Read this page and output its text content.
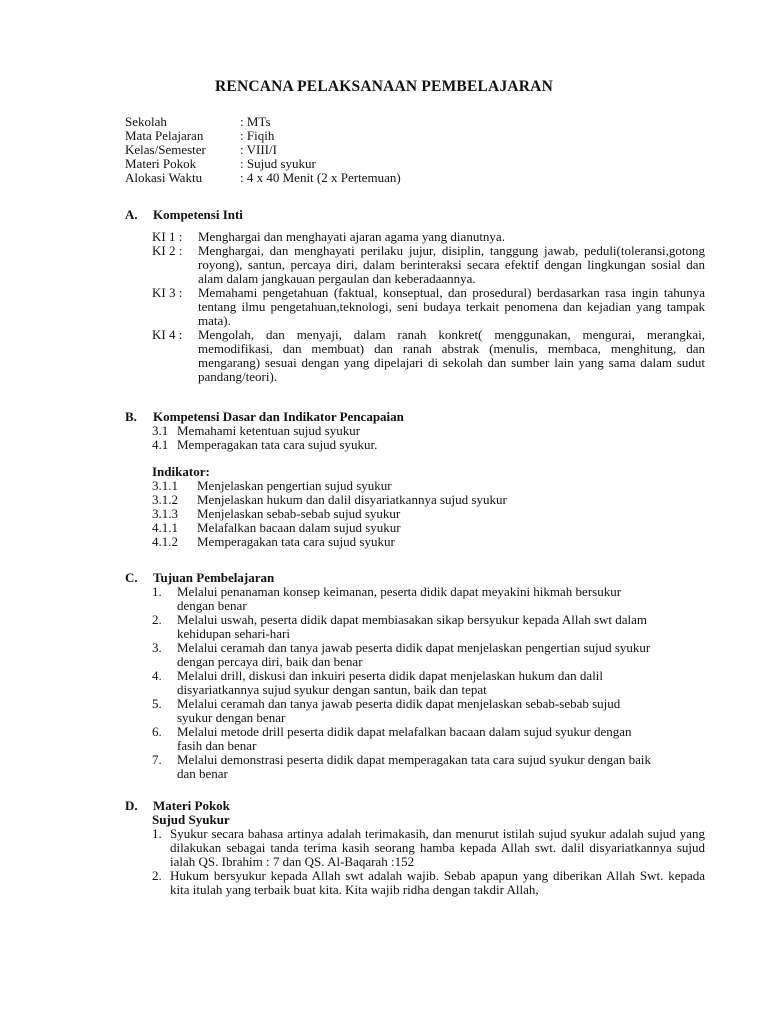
RENCANA PELAKSANAAN PEMBELAJARAN
Sekolah	: MTs
Mata Pelajaran	: Fiqih
Kelas/Semester	: VIII/I
Materi Pokok	: Sujud syukur
Alokasi Waktu	: 4 x 40 Menit (2 x Pertemuan)
A.	Kompetensi Inti
KI 1 :	Menghargai dan menghayati ajaran agama yang dianutnya.
KI 2 :	Menghargai, dan menghayati perilaku jujur, disiplin, tanggung jawab, peduli(toleransi,gotong royong), santun, percaya diri, dalam berinteraksi secara efektif dengan lingkungan sosial dan alam dalam jangkauan pergaulan dan keberadaannya.
KI 3 :	Memahami pengetahuan (faktual, konseptual, dan prosedural) berdasarkan rasa ingin tahunya tentang ilmu pengetahuan,teknologi, seni budaya terkait penomena dan kejadian yang tampak mata).
KI 4 :	Mengolah, dan menyaji, dalam ranah konkret( menggunakan, mengurai, merangkai, memodifikasi, dan membuat) dan ranah abstrak (menulis, membaca, menghitung, dan mengarang) sesuai dengan yang dipelajari di sekolah dan sumber lain yang sama dalam sudut pandang/teori).
B.	Kompetensi Dasar dan Indikator Pencapaian
3.1 Memahami ketentuan sujud syukur
4.1 Memperagakan tata cara sujud syukur.
Indikator:
3.1.1	Menjelaskan pengertian sujud syukur
3.1.2	Menjelaskan hukum dan dalil disyariatkannya sujud syukur
3.1.3	Menjelaskan sebab-sebab sujud syukur
4.1.1	Melafalkan bacaan dalam sujud syukur
4.1.2	Memperagakan tata cara sujud syukur
C.	Tujuan Pembelajaran
1.	Melalui penanaman konsep keimanan, peserta didik dapat meyakini hikmah bersukur dengan benar
2.	Melalui uswah, peserta didik dapat membiasakan sikap bersyukur kepada Allah swt dalam kehidupan sehari-hari
3.	Melalui ceramah dan tanya jawab peserta didik dapat menjelaskan pengertian sujud syukur dengan percaya diri, baik dan benar
4.	Melalui drill, diskusi dan inkuiri peserta didik dapat menjelaskan hukum dan dalil disyariatkannya sujud syukur dengan santun, baik dan tepat
5.	Melalui ceramah dan tanya jawab peserta didik dapat menjelaskan sebab-sebab sujud syukur dengan benar
6.	Melalui metode drill peserta didik dapat melafalkan bacaan dalam sujud syukur dengan fasih dan benar
7.	Melalui demonstrasi peserta didik dapat memperagakan tata cara sujud syukur dengan baik dan benar
D.	Materi Pokok
Sujud Syukur
1. Syukur secara bahasa artinya adalah terimakasih, dan menurut istilah sujud syukur adalah sujud yang dilakukan sebagai tanda terima kasih seorang hamba kepada Allah swt. dalil disyariatkannya sujud ialah QS. Ibrahim : 7 dan QS. Al-Baqarah :152
2. Hukum bersyukur kepada Allah swt adalah wajib. Sebab apapun yang diberikan Allah Swt. kepada kita itulah yang terbaik buat kita. Kita wajib ridha dengan takdir Allah,
